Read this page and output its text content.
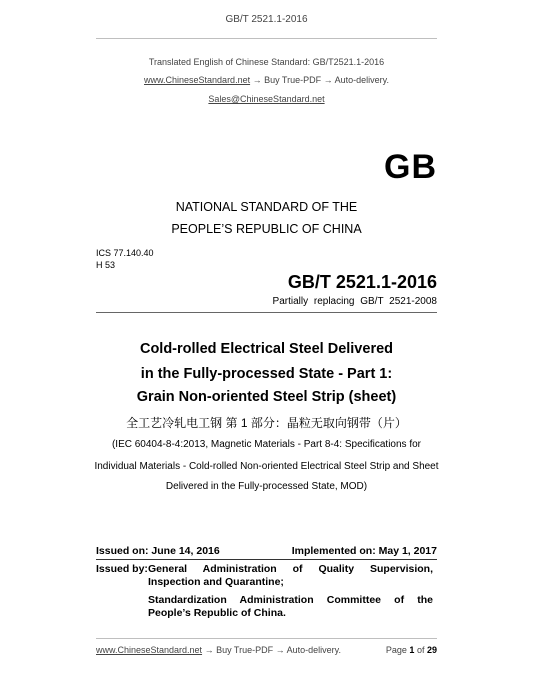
GB/T 2521.1-2016
Translated English of Chinese Standard: GB/T2521.1-2016
www.ChineseStandard.net → Buy True-PDF → Auto-delivery.
Sales@ChineseStandard.net
GB
NATIONAL STANDARD OF THE
PEOPLE’S REPUBLIC OF CHINA
ICS 77.140.40
H 53
GB/T 2521.1-2016
Partially replacing GB/T 2521-2008
Cold-rolled Electrical Steel Delivered
in the Fully-processed State - Part 1:
Grain Non-oriented Steel Strip (sheet)
全工艺冷轧电工钢 第 1 部分：晶粒无取向钢带（片）
(IEC 60404-8-4:2013, Magnetic Materials - Part 8-4: Specifications for
Individual Materials - Cold-rolled Non-oriented Electrical Steel Strip and Sheet
Delivered in the Fully-processed State, MOD)
Issued on: June 14, 2016	Implemented on: May 1, 2017
Issued by:General Administration of Quality Supervision, Inspection and Quarantine;
Standardization Administration Committee of the People’s Republic of China.
www.ChineseStandard.net → Buy True-PDF → Auto-delivery.	Page 1 of 29
